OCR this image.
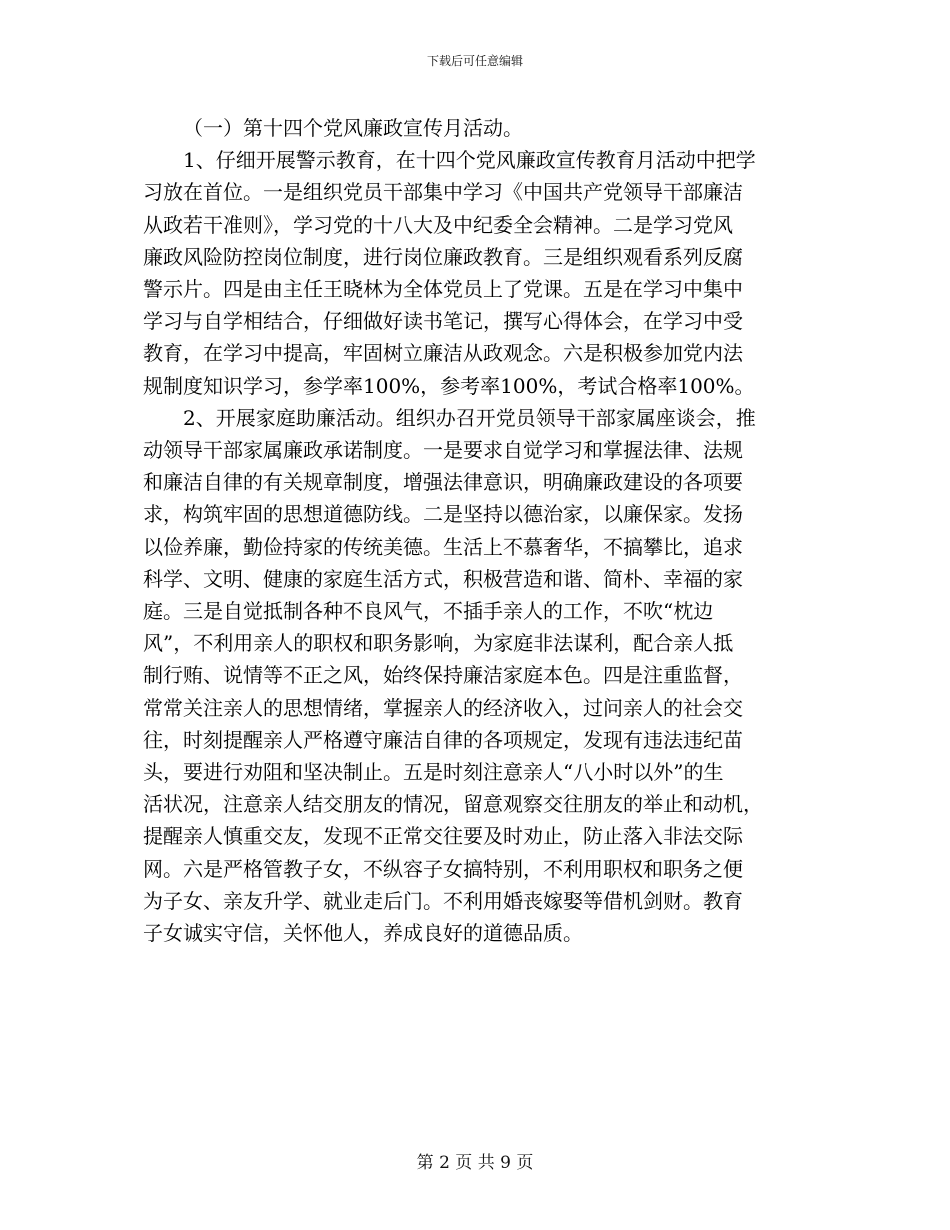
下载后可任意编辑

（一）第十四个党风廉政宣传月活动。

1、仔细开展警示教育，在十四个党风廉政宣传教育月活动中把学
习放在首位。一是组织党员干部集中学习《中国共产党领导干部廉洁
从政若干准则》，学习党的十八大及中纪委全会精神。二是学习党风
廉政风险防控岗位制度，进行岗位廉政教育。三是组织观看系列反腐
警示片。四是由主任王晓林为全体党员上了党课。五是在学习中集中
学习与自学相结合，仔细做好读书笔记，撰写心得体会，在学习中受
教育，在学习中提高，牢固树立廉洁从政观念。六是积极参加党内法
规制度知识学习，参学率100%，参考率100%，考试合格率100%。

2、开展家庭助廉活动。组织办召开党员领导干部家属座谈会，推
动领导干部家属廉政承诺制度。一是要求自觉学习和掌握法律、法规
和廉洁自律的有关规章制度，增强法律意识，明确廉政建设的各项要
求，构筑牢固的思想道德防线。二是坚持以德治家，以廉保家。发扬
以俭养廉，勤俭持家的传统美德。生活上不慕奢华，不搞攀比，追求
科学、文明、健康的家庭生活方式，积极营造和谐、简朴、幸福的家
庭。三是自觉抵制各种不良风气，不插手亲人的工作，不吹“枕边
风”，不利用亲人的职权和职务影响，为家庭非法谋利，配合亲人抵
制行贿、说情等不正之风，始终保持廉洁家庭本色。四是注重监督，
常常关注亲人的思想情绪，掌握亲人的经济收入，过问亲人的社会交
往，时刻提醒亲人严格遵守廉洁自律的各项规定，发现有违法违纪苗
头，要进行劝阻和坚决制止。五是时刻注意亲人“八小时以外”的生
活状况，注意亲人结交朋友的情况，留意观察交往朋友的举止和动机，
提醒亲人慎重交友，发现不正常交往要及时劝止，防止落入非法交际
网。六是严格管教子女，不纵容子女搞特别，不利用职权和职务之便
为子女、亲友升学、就业走后门。不利用婚丧嫁娶等借机剑财。教育
子女诚实守信，关怀他人，养成良好的道德品质。

第 2 页 共 9 页
